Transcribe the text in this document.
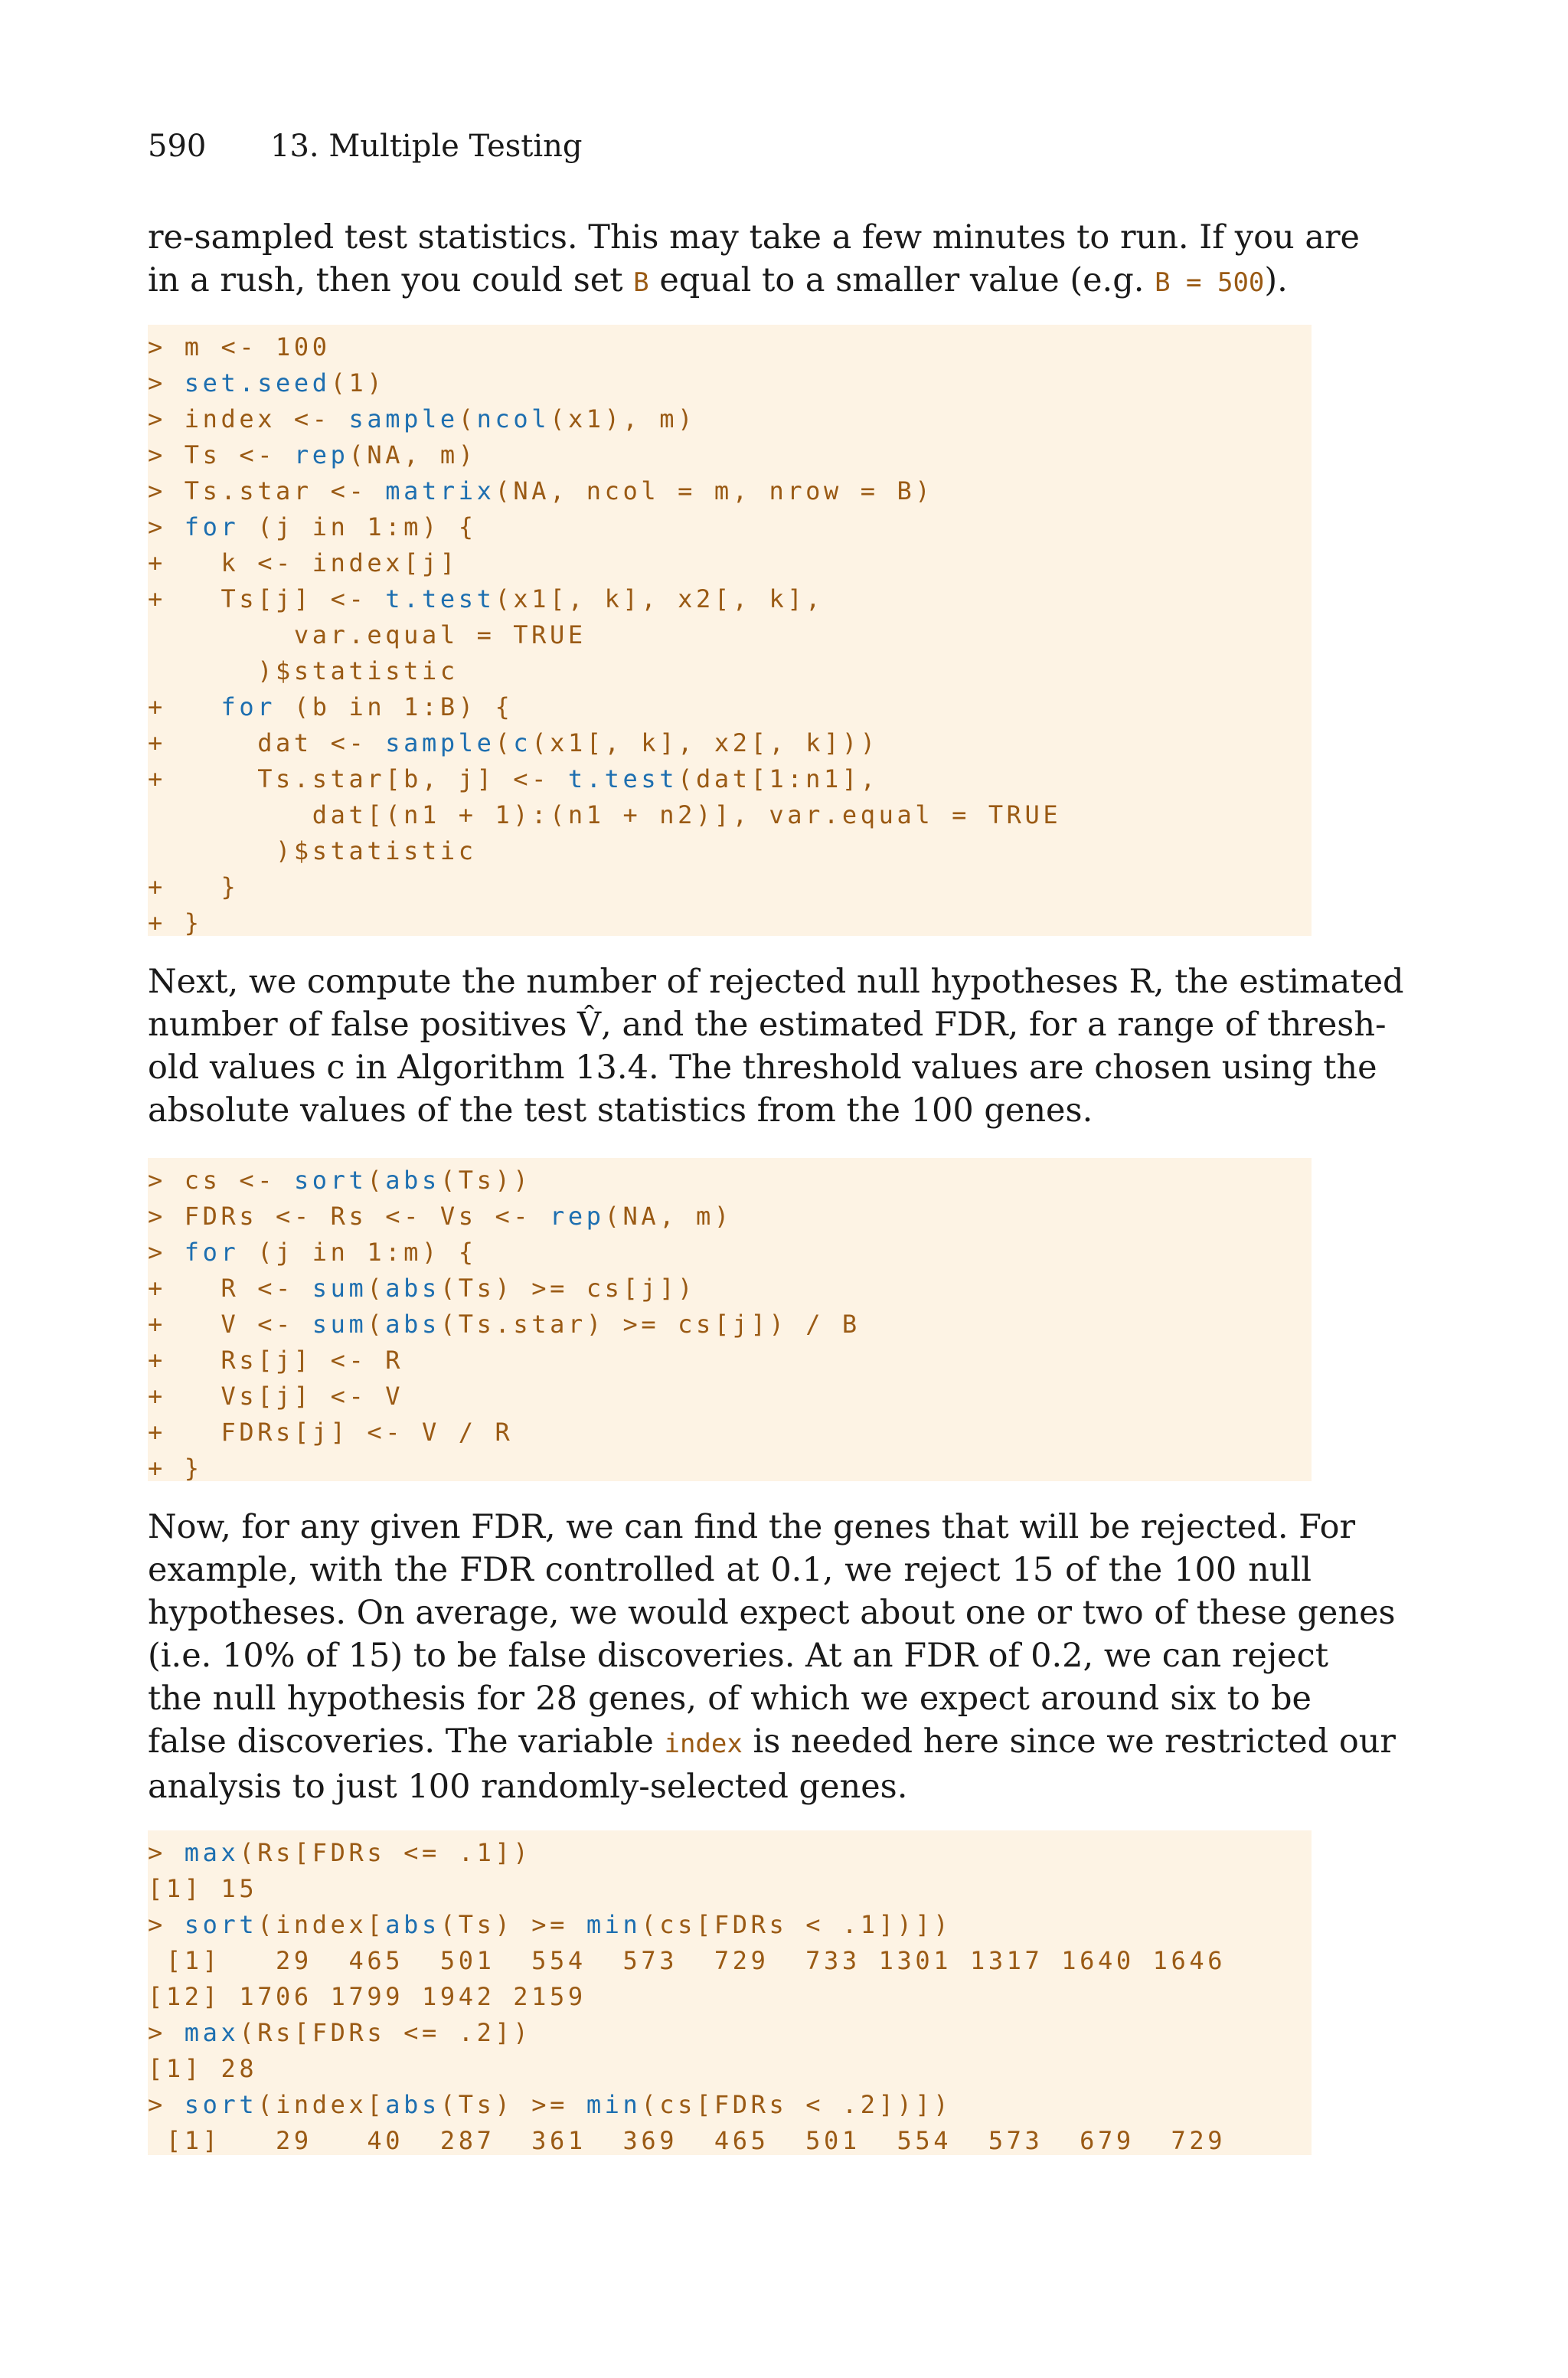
590 13. Multiple Testing
re-sampled test statistics. This may take a few minutes to run. If you are
in a rush, then you could set B equal to a smaller value (e.g. B = 500).
> m <- 100
> set.seed(1)
> index <- sample(ncol(x1), m)
> Ts <- rep(NA, m)
> Ts.star <- matrix(NA, ncol = m, nrow = B)
> for (j in 1:m) {
+   k <- index[j]
+   Ts[j] <- t.test(x1[, k], x2[, k],
var.equal = TRUE
)$statistic
+   for (b in 1:B) {
+     dat <- sample(c(x1[, k], x2[, k]))
+     Ts.star[b, j] <- t.test(dat[1:n1],
dat[(n1 + 1):(n1 + n2)], var.equal = TRUE
)$statistic
+   }
+ }
Next, we compute the number of rejected null hypotheses R, the estimated
number of false positives V̂, and the estimated FDR, for a range of thresh-
old values c in Algorithm 13.4. The threshold values are chosen using the
absolute values of the test statistics from the 100 genes.
> cs <- sort(abs(Ts))
> FDRs <- Rs <- Vs <- rep(NA, m)
> for (j in 1:m) {
+   R <- sum(abs(Ts) >= cs[j])
+   V <- sum(abs(Ts.star) >= cs[j]) / B
+   Rs[j] <- R
+   Vs[j] <- V
+   FDRs[j] <- V / R
+ }
Now, for any given FDR, we can find the genes that will be rejected. For
example, with the FDR controlled at 0.1, we reject 15 of the 100 null
hypotheses. On average, we would expect about one or two of these genes
(i.e. 10% of 15) to be false discoveries. At an FDR of 0.2, we can reject
the null hypothesis for 28 genes, of which we expect around six to be
false discoveries. The variable index is needed here since we restricted our
analysis to just 100 randomly-selected genes.
> max(Rs[FDRs <= .1])
[1] 15
> sort(index[abs(Ts) >= min(cs[FDRs < .1])])
[1]   29  465  501  554  573  729  733 1301 1317 1640 1646
[12] 1706 1799 1942 2159
> max(Rs[FDRs <= .2])
[1] 28
> sort(index[abs(Ts) >= min(cs[FDRs < .2])])
[1]   29   40  287  361  369  465  501  554  573  679  729
